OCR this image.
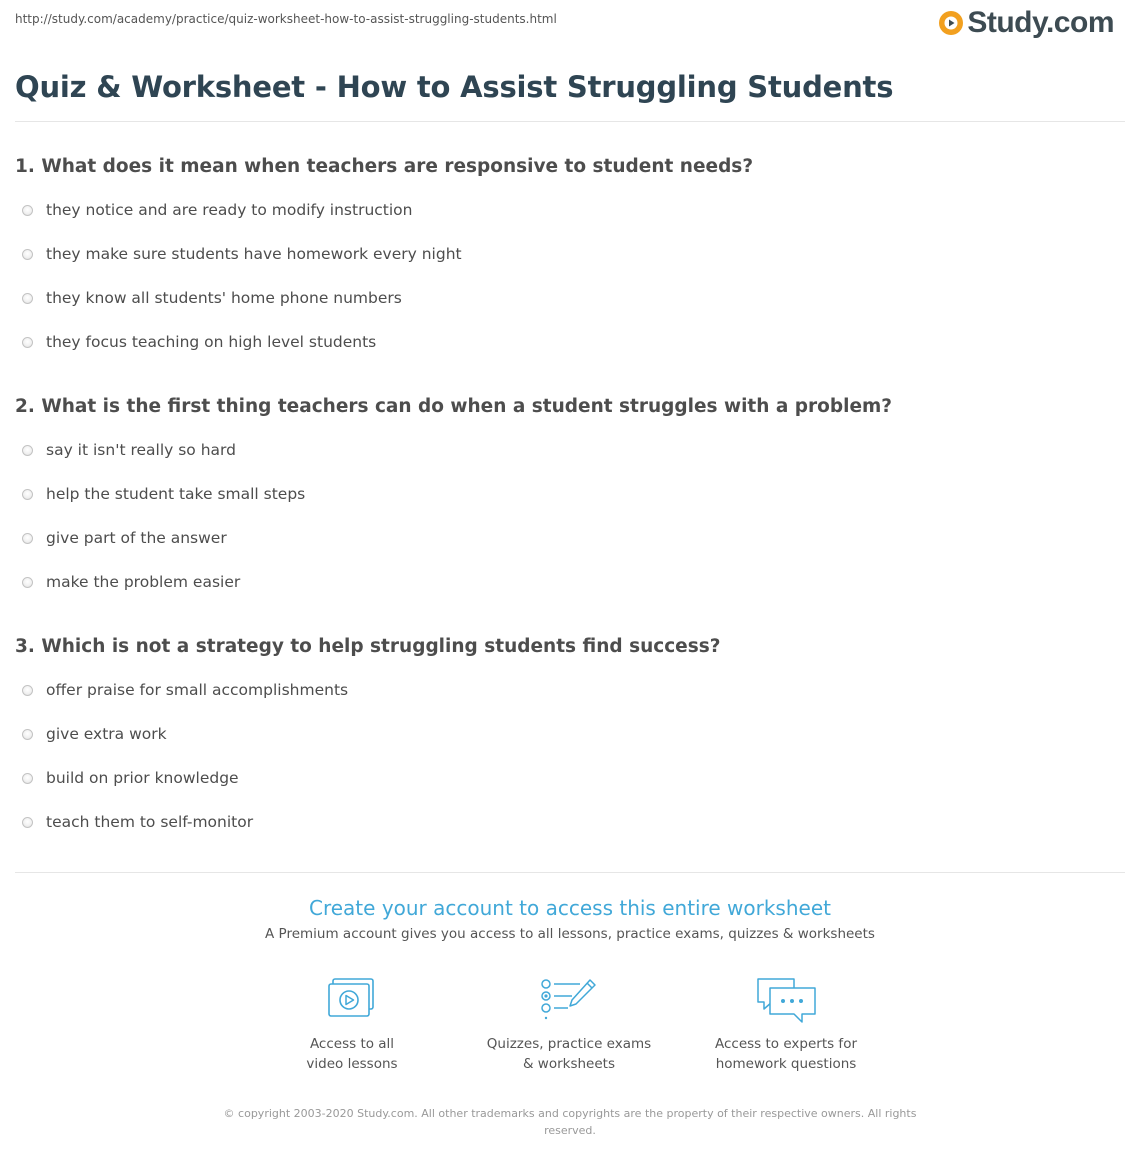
http://study.com/academy/practice/quiz-worksheet-how-to-assist-struggling-students.html	Study.com
Quiz & Worksheet - How to Assist Struggling Students
1. What does it mean when teachers are responsive to student needs?
they notice and are ready to modify instruction
they make sure students have homework every night
they know all students' home phone numbers
they focus teaching on high level students
2. What is the first thing teachers can do when a student struggles with a problem?
say it isn't really so hard
help the student take small steps
give part of the answer
make the problem easier
3. Which is not a strategy to help struggling students find success?
offer praise for small accomplishments
give extra work
build on prior knowledge
teach them to self-monitor
Create your account to access this entire worksheet

A Premium account gives you access to all lessons, practice exams, quizzes & worksheets

Access to all
video lessons
Quizzes, practice exams
& worksheets
Access to experts for
homework questions
© copyright 2003-2020 Study.com. All other trademarks and copyrights are the property of their respective owners. All rights
reserved.
